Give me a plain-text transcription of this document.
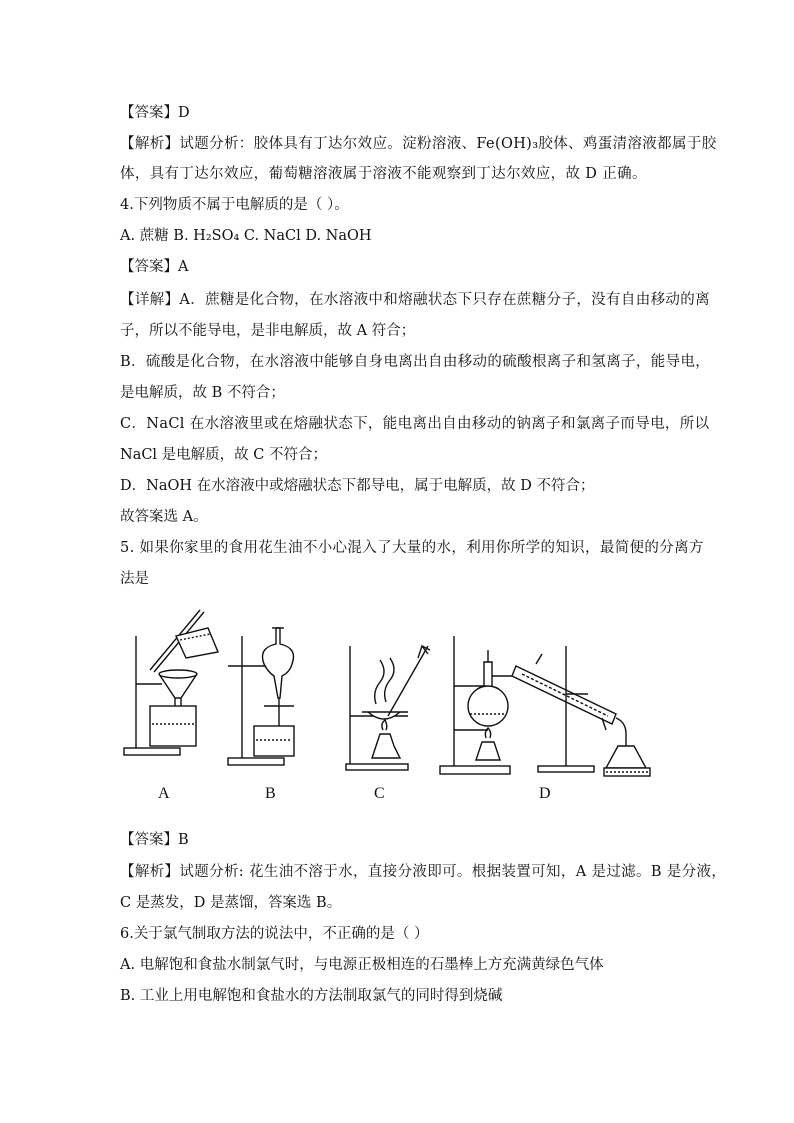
【答案】D
【解析】试题分析：胶体具有丁达尔效应。淀粉溶液、Fe(OH)₃胶体、鸡蛋清溶液都属于胶
体，具有丁达尔效应，葡萄糖溶液属于溶液不能观察到丁达尔效应，故 D 正确。
4.下列物质不属于电解质的是（ ）。
A. 蔗糖 B. H₂SO₄ C. NaCl D. NaOH
【答案】A
【详解】A．蔗糖是化合物，在水溶液中和熔融状态下只存在蔗糖分子，没有自由移动的离
子，所以不能导电，是非电解质，故 A 符合；
B．硫酸是化合物，在水溶液中能够自身电离出自由移动的硫酸根离子和氢离子，能导电，
是电解质，故 B 不符合；
C．NaCl 在水溶液里或在熔融状态下，能电离出自由移动的钠离子和氯离子而导电，所以
NaCl 是电解质，故 C 不符合；
D．NaOH 在水溶液中或熔融状态下都导电，属于电解质，故 D 不符合；
故答案选 A。
5. 如果你家里的食用花生油不小心混入了大量的水，利用你所学的知识，最简便的分离方
法是
A	B	C	D
【答案】B
【解析】试题分析: 花生油不溶于水，直接分液即可。根据装置可知，A 是过滤。B 是分液，
C 是蒸发，D 是蒸馏，答案选 B。
6.关于氯气制取方法的说法中，不正确的是（ ）
A. 电解饱和食盐水制氯气时，与电源正极相连的石墨棒上方充满黄绿色气体
B. 工业上用电解饱和食盐水的方法制取氯气的同时得到烧碱
